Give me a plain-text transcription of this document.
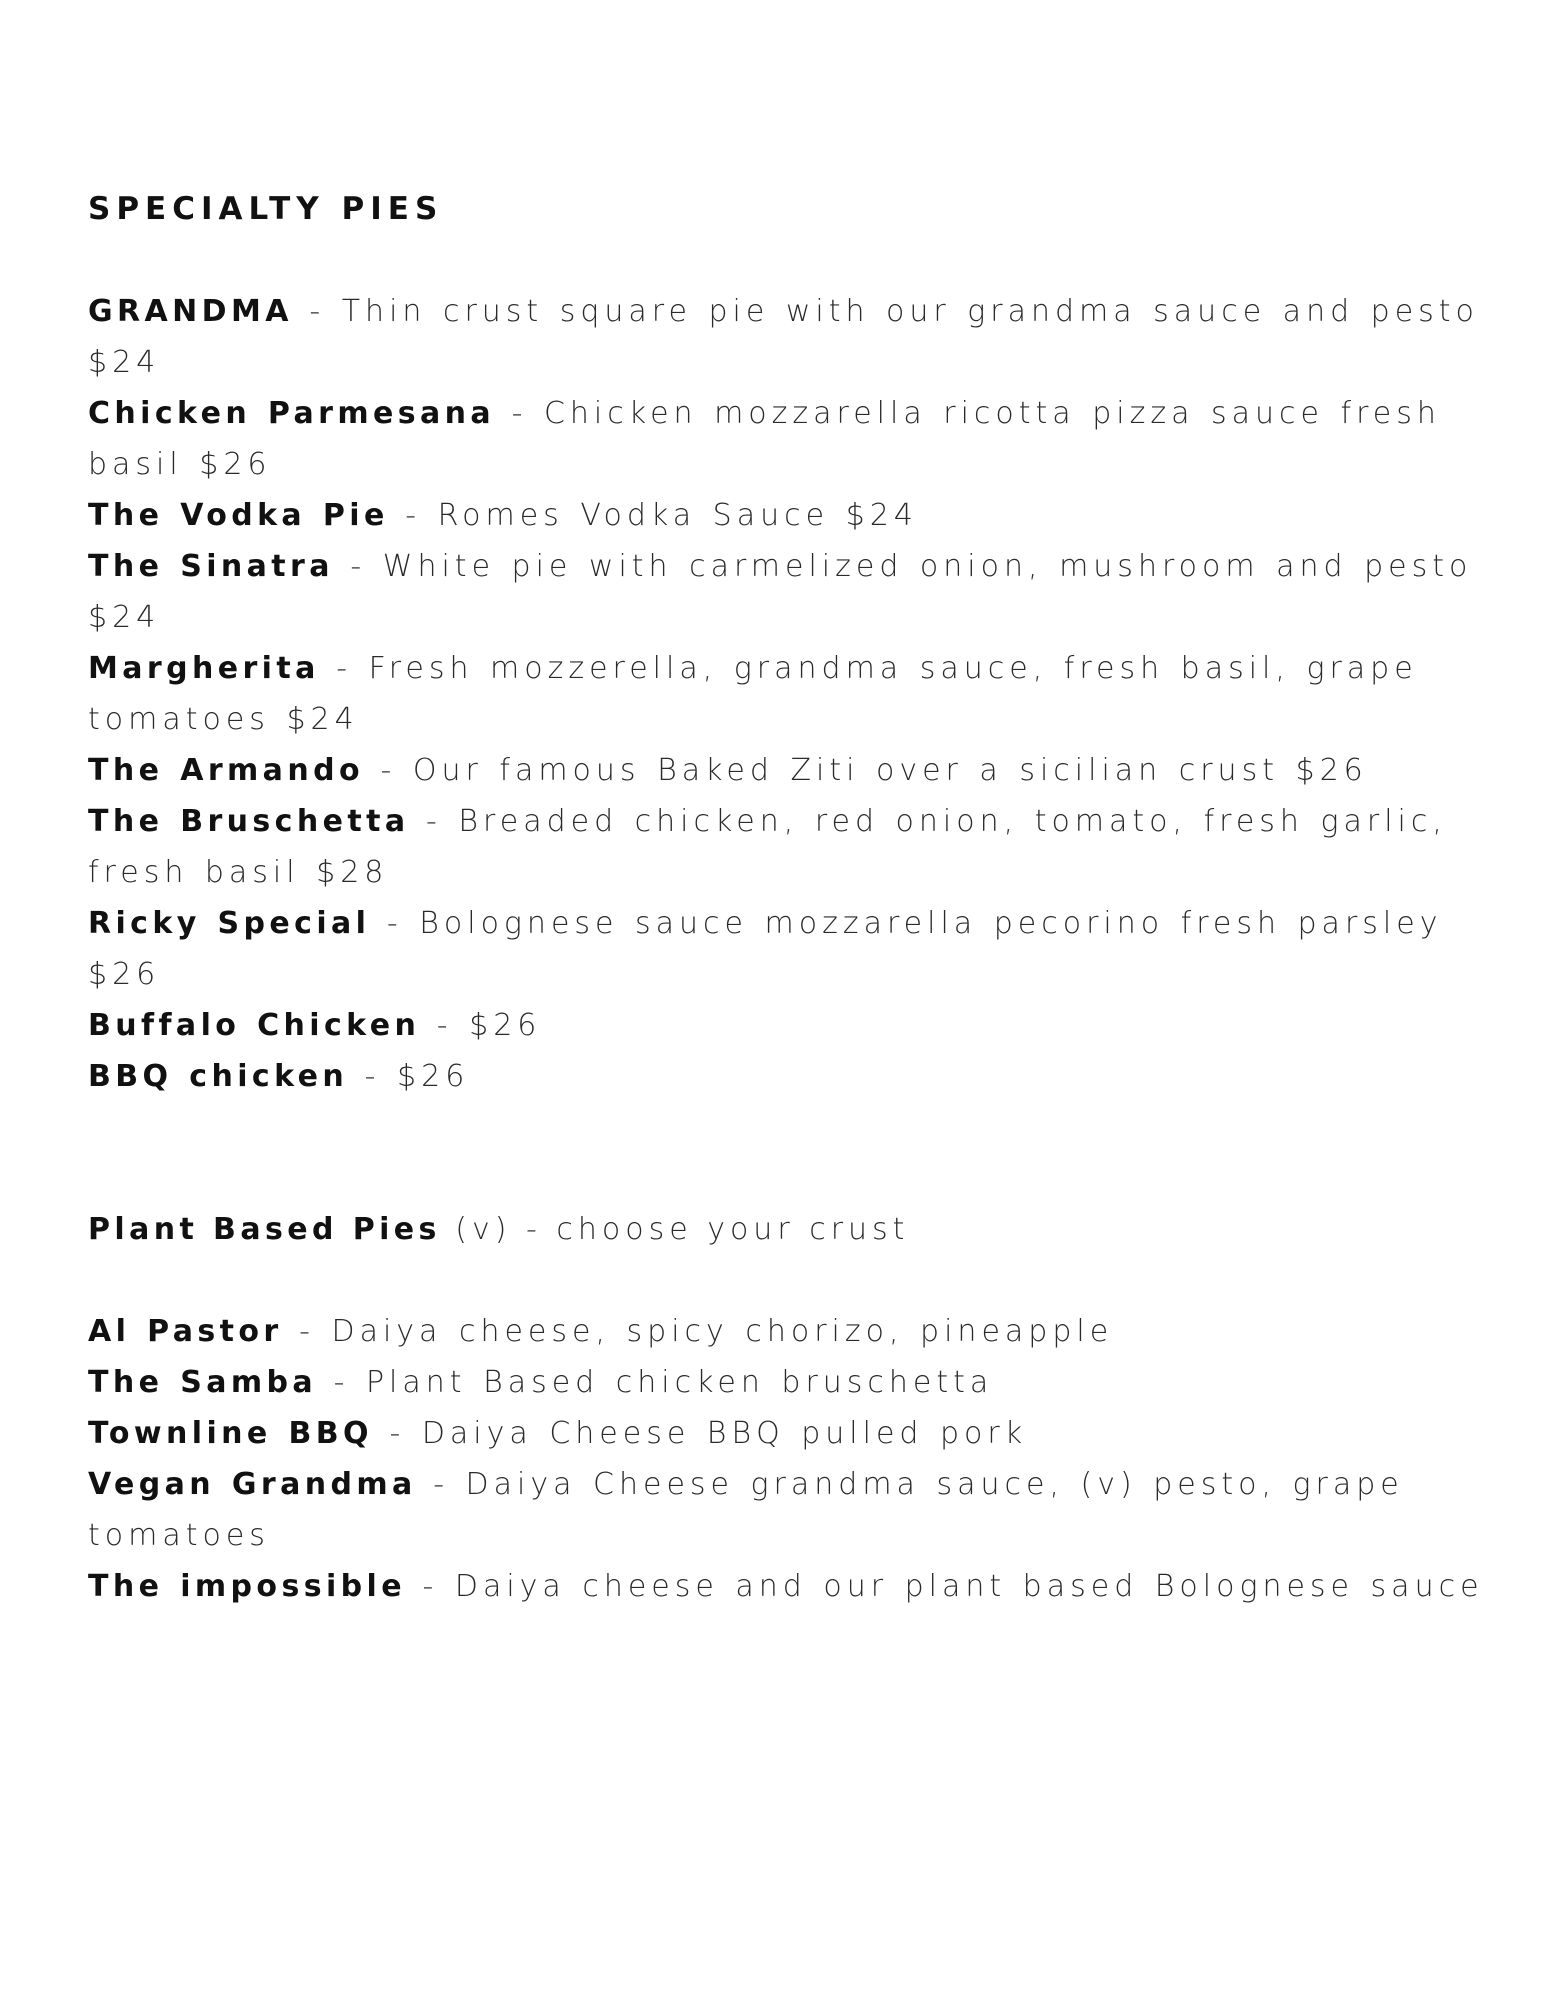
SPECIALTY PIES
GRANDMA - Thin crust square pie with our grandma sauce and pesto $24
Chicken Parmesana - Chicken mozzarella ricotta pizza sauce fresh basil $26
The Vodka Pie - Romes Vodka Sauce $24
The Sinatra - White pie with carmelized onion, mushroom and pesto $24
Margherita - Fresh mozzerella, grandma sauce, fresh basil, grape tomatoes $24
The Armando - Our famous Baked Ziti over a sicilian crust $26
The Bruschetta - Breaded chicken, red onion, tomato, fresh garlic, fresh basil $28
Ricky Special - Bolognese sauce mozzarella pecorino fresh parsley $26
Buffalo Chicken - $26
BBQ chicken - $26

Plant Based Pies (v) - choose your crust

Al Pastor - Daiya cheese, spicy chorizo, pineapple
The Samba - Plant Based chicken bruschetta
Townline BBQ - Daiya Cheese BBQ pulled pork
Vegan Grandma - Daiya Cheese grandma sauce, (v) pesto, grape tomatoes
The impossible - Daiya cheese and our plant based Bolognese sauce
